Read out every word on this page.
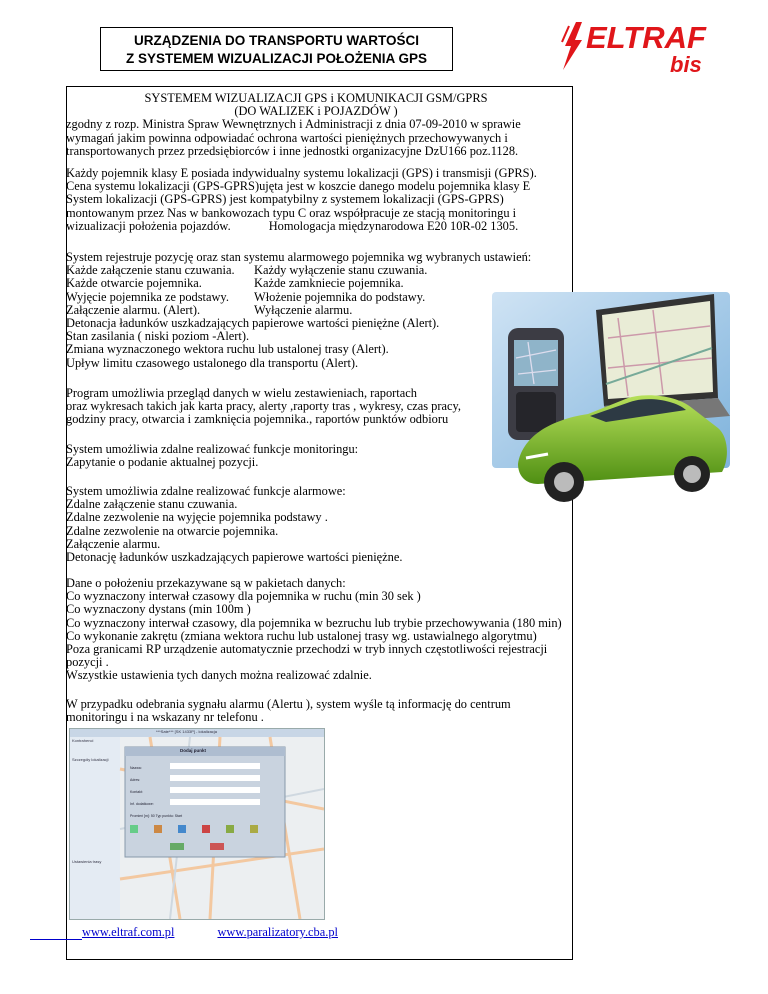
URZĄDZENIA DO TRANSPORTU WARTOŚCI
Z SYSTEMEM WIZUALIZACJI POŁOŻENIA GPS
ELTRAF
bis

SYSTEMEM WIZUALIZACJI GPS i KOMUNIKACJI GSM/GPRS

(DO WALIZEK i POJAZDÓW )

zgodny z rozp. Ministra Spraw Wewnętrznych i Administracji z dnia 07-09-2010 w sprawie

wymagań jakim powinna odpowiadać ochrona wartości pieniężnych przechowywanych i

transportowanych przez przedsiębiorców i inne jednostki organizacyjne DzU166 poz.1128.

Każdy pojemnik klasy E posiada indywidualny systemu lokalizacji (GPS) i transmisji (GPRS).

Cena systemu lokalizacji (GPS-GPRS)ujęta jest w koszcie danego modelu pojemnika klasy E

System lokalizacji (GPS-GPRS) jest kompatybilny z systemem lokalizacji (GPS-GPRS)

montowanym przez Nas w bankowozach typu C oraz współpracuje ze stacją monitoringu i

wizualizacji położenia pojazdów.	Homologacja międzynarodowa E20 10R-02 1305.

System rejestruje pozycję oraz stan systemu alarmowego pojemnika wg wybranych ustawień:

Każde załączenie stanu czuwania.	Każdy wyłączenie stanu czuwania.

Każde otwarcie pojemnika.	Każde zamkniecie pojemnika.

Wyjęcie pojemnika ze podstawy.	Włożenie pojemnika do podstawy.

Załączenie alarmu. (Alert).	Wyłączenie alarmu.

Detonacja ładunków uszkadzających papierowe wartości pieniężne (Alert).

Stan zasilania ( niski poziom -Alert).

Zmiana wyznaczonego wektora ruchu lub ustalonej trasy (Alert).

Upływ limitu czasowego ustalonego dla transportu (Alert).

Program umożliwia przegląd danych w wielu zestawieniach, raportach

oraz wykresach takich jak karta pracy, alerty ,raporty tras , wykresy, czas pracy,

godziny pracy, otwarcia i zamknięcia pojemnika., raportów punktów odbioru

System umożliwia zdalne realizować funkcje monitoringu:

Zapytanie o podanie aktualnej pozycji.

System umożliwia zdalne realizować funkcje alarmowe:

Zdalne załączenie stanu czuwania.

Zdalne zezwolenie na wyjęcie pojemnika podstawy .

Zdalne zezwolenie na otwarcie pojemnika.

Załączenie alarmu.

Detonację ładunków uszkadzających papierowe wartości pieniężne.

Dane o położeniu przekazywane są w pakietach danych:

Co wyznaczony interwał czasowy dla pojemnika w ruchu (min 30 sek )

Co wyznaczony dystans (min 100m )

Co wyznaczony interwał czasowy, dla pojemnika w bezruchu lub trybie przechowywania (180 min)

Co wykonanie zakrętu (zmiana wektora ruchu lub ustalonej trasy wg. ustawialnego algorytmu)

Poza granicami RP urządzenie automatycznie przechodzi w tryb innych częstotliwości rejestracji

pozycji .

Wszystkie ustawienia tych danych można realizować zdalnie.

W przypadku odebrania sygnału alarmu (Alertu ), system wyśle tą informację do centrum

monitoringu i na wskazany nr telefonu .

***Sate*** [SK 1433P] - lokalizacja
Kontrahenci
Szczegóły lokalizacji
Ustawienia trasy
Dodaj punkt
Nazwa:
Adres:
Kontakt:
Inf. dodatkowe:
Promień [m]: 50 Typ punktu: Start
www.eltraf.com.pl	www.paralizatory.cba.pl
